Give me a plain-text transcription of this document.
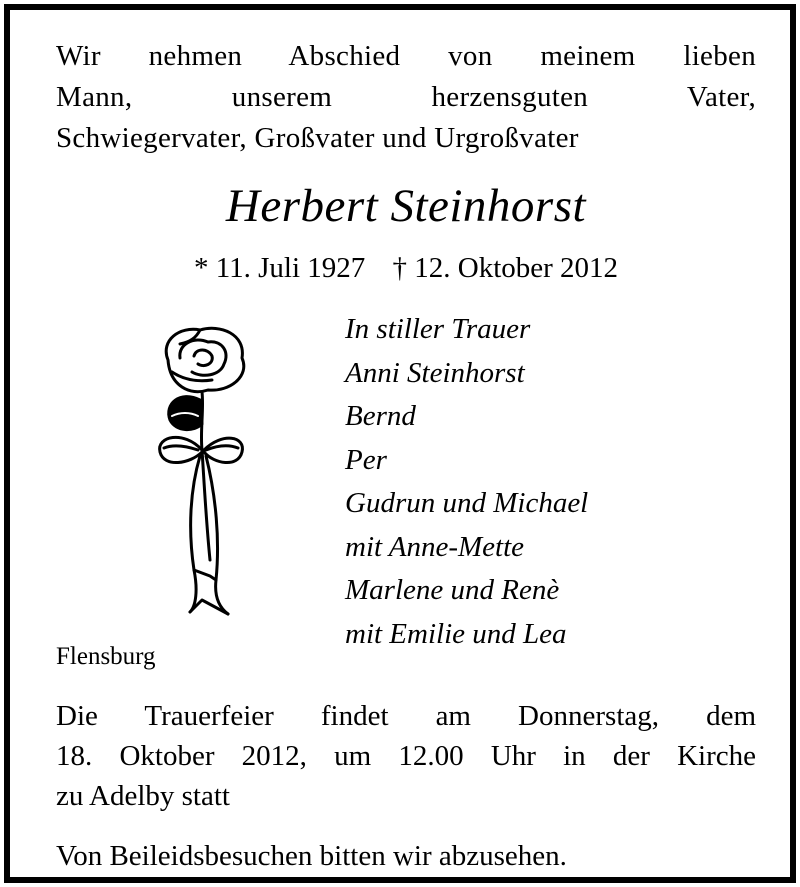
Wir nehmen Abschied von meinem lieben
Mann, unserem herzensguten Vater,
Schwiegervater, Großvater und Urgroßvater
Herbert Steinhorst
* 11. Juli 1927 † 12. Oktober 2012
In stiller Trauer
Anni Steinhorst
Bernd
Per
Gudrun und Michael
mit Anne-Mette
Marlene und Renè
mit Emilie und Lea
Flensburg
Die Trauerfeier findet am Donnerstag, dem
18. Oktober 2012, um 12.00 Uhr in der Kirche
zu Adelby statt
Von Beileidsbesuchen bitten wir abzusehen.
